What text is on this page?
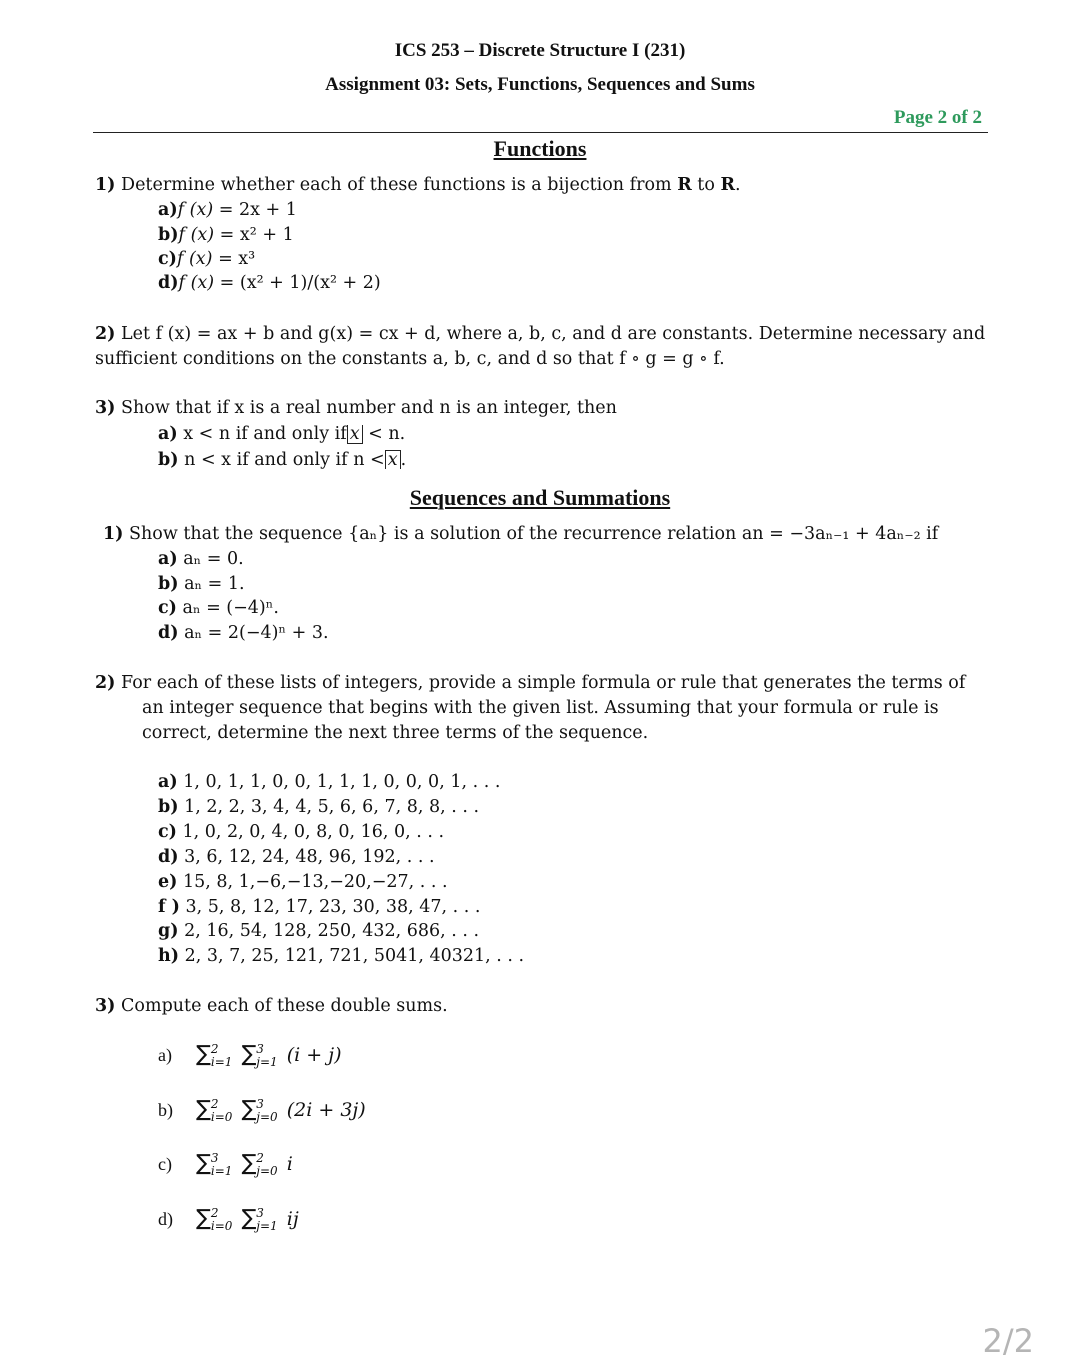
ICS 253 – Discrete Structure I (231)
Assignment 03: Sets, Functions, Sequences and Sums
Page 2 of 2
Functions
1) Determine whether each of these functions is a bijection from R to R.
a)f (x) = 2x + 1
b)f (x) = x² + 1
c)f (x) = x³
d)f (x) = (x² + 1)/(x² + 2)
2) Let f (x) = ax + b and g(x) = cx + d, where a, b, c, and d are constants. Determine necessary and
sufficient conditions on the constants a, b, c, and d so that f ∘ g = g ∘ f.
3) Show that if x is a real number and n is an integer, then
a) x < n if and only if x < n.
b) n < x if and only if n < x .
Sequences and Summations
1) Show that the sequence {aₙ} is a solution of the recurrence relation an = −3aₙ₋₁ + 4aₙ₋₂ if
a) aₙ = 0.
b) aₙ = 1.
c) aₙ = (−4)ⁿ.
d) aₙ = 2(−4)ⁿ + 3.
2) For each of these lists of integers, provide a simple formula or rule that generates the terms of
an integer sequence that begins with the given list. Assuming that your formula or rule is
correct, determine the next three terms of the sequence.
a) 1, 0, 1, 1, 0, 0, 1, 1, 1, 0, 0, 0, 1, . . .
b) 1, 2, 2, 3, 4, 4, 5, 6, 6, 7, 8, 8, . . .
c) 1, 0, 2, 0, 4, 0, 8, 0, 16, 0, . . .
d) 3, 6, 12, 24, 48, 96, 192, . . .
e) 15, 8, 1,−6,−13,−20,−27, . . .
f ) 3, 5, 8, 12, 17, 23, 30, 38, 47, . . .
g) 2, 16, 54, 128, 250, 432, 686, . . .
h) 2, 3, 7, 25, 121, 721, 5041, 40321, . . .
3) Compute each of these double sums.
a) ∑ 2
i=1 ∑ 3
j=1 (i + j)
b) ∑ 2
i=0 ∑ 3
j=0 (2i + 3j)
c) ∑ 3
i=1 ∑ 2
j=0 i
d) ∑ 2
i=0 ∑ 3
j=1 ij
2/2
